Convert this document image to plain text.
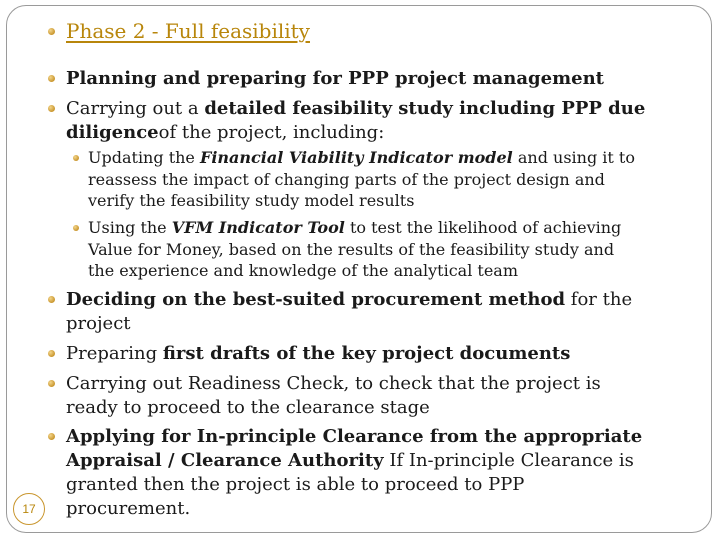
Phase 2 - Full feasibility
Planning and preparing for PPP project management
Carrying out a detailed feasibility study including PPP due
diligenceof the project, including:
Updating the Financial Viability Indicator model and using it to
reassess the impact of changing parts of the project design and
verify the feasibility study model results
Using the VFM Indicator Tool to test the likelihood of achieving
Value for Money, based on the results of the feasibility study and
the experience and knowledge of the analytical team
Deciding on the best-suited procurement method for the
project
Preparing first drafts of the key project documents
Carrying out Readiness Check, to check that the project is
ready to proceed to the clearance stage
Applying for In-principle Clearance from the appropriate
Appraisal / Clearance Authority If In-principle Clearance is
granted then the project is able to proceed to PPP
procurement.
17
